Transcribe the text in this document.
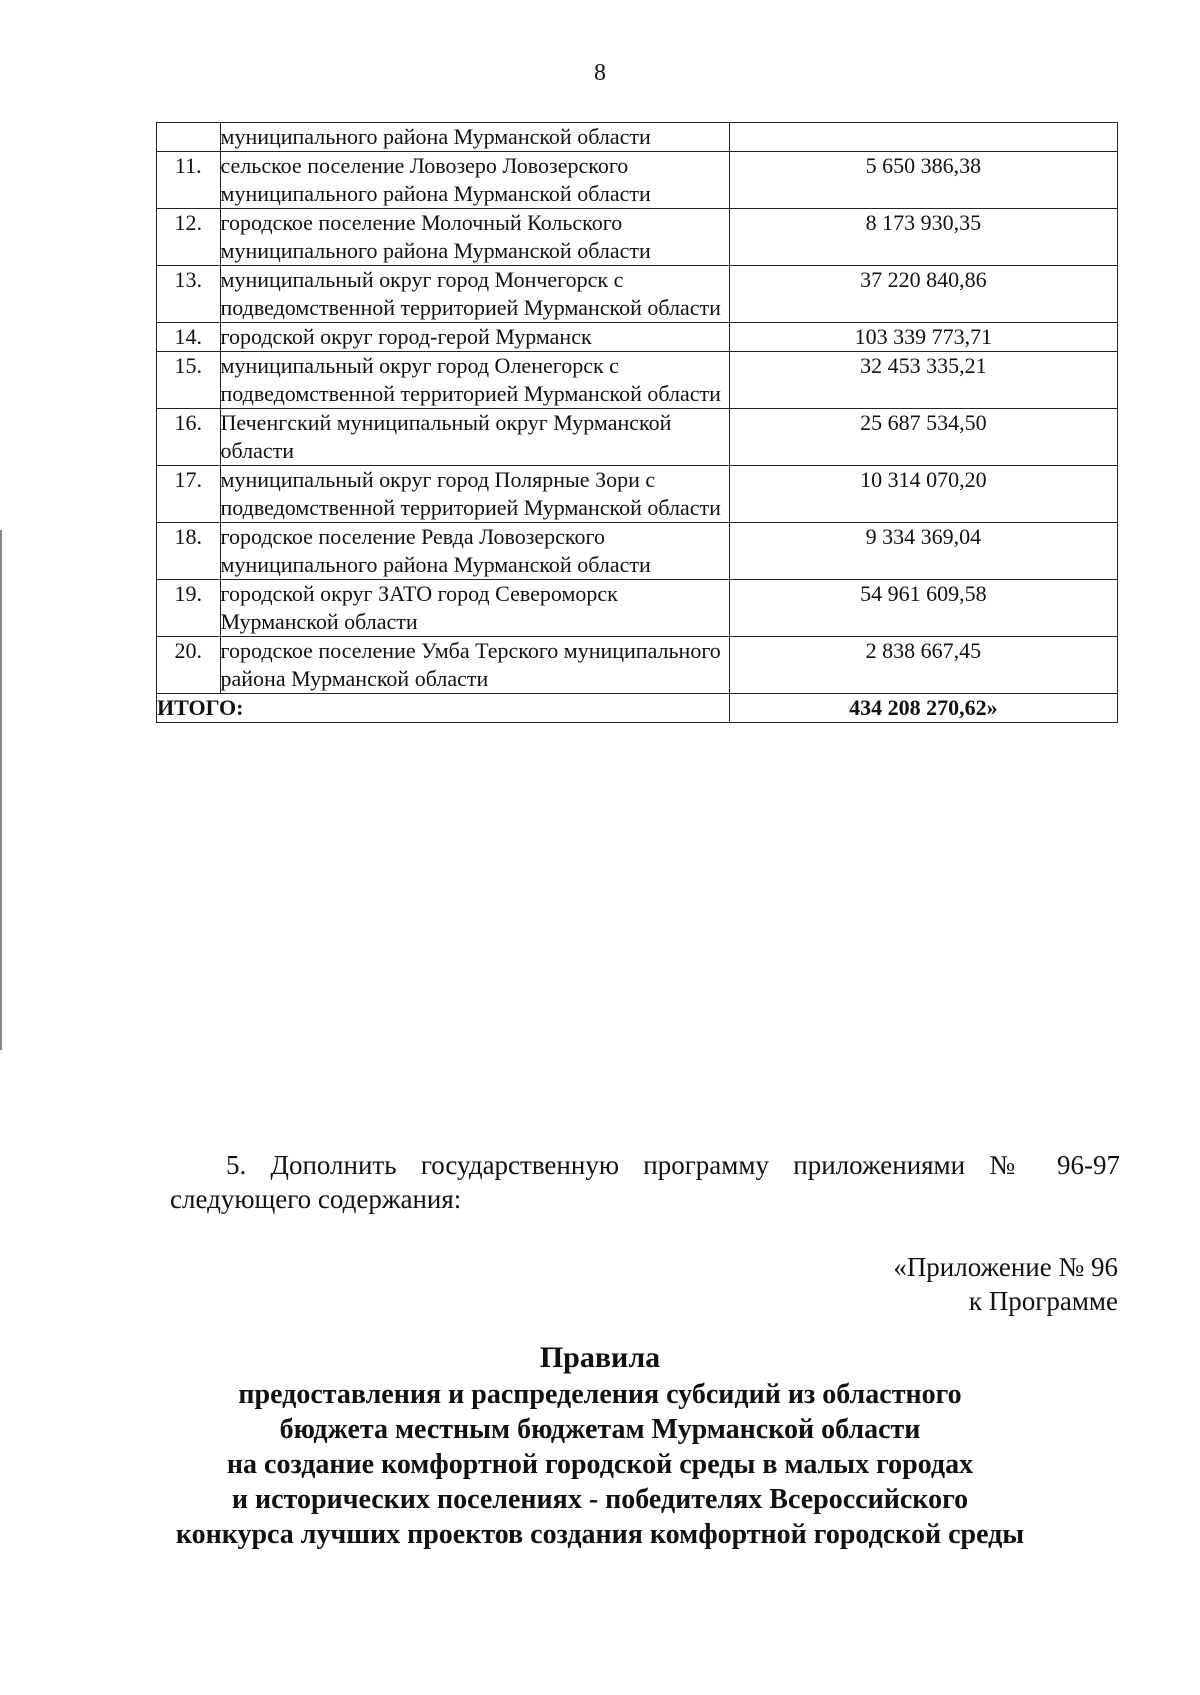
8
	муниципального района Мурманской области	
11.	сельское поселение Ловозеро Ловозерского муниципального района Мурманской области	5 650 386,38
12.	городское поселение Молочный Кольского муниципального района Мурманской области	8 173 930,35
13.	муниципальный округ город Мончегорск с подведомственной территорией Мурманской области	37 220 840,86
14.	городской округ город-герой Мурманск	103 339 773,71
15.	муниципальный округ город Оленегорск с подведомственной территорией Мурманской области	32 453 335,21
16.	Печенгский муниципальный округ Мурманской области	25 687 534,50
17.	муниципальный округ город Полярные Зори с подведомственной территорией Мурманской области	10 314 070,20
18.	городское поселение Ревда Ловозерского муниципального района Мурманской области	9 334 369,04
19.	городской округ ЗАТО город Североморск Мурманской области	54 961 609,58
20.	городское поселение Умба Терского муниципального района Мурманской области	2 838 667,45
ИТОГО:		434 208 270,62»
5. Дополнить государственную программу приложениями № 96-97
следующего содержания:
«Приложение № 96
к Программе
Правила
предоставления и распределения субсидий из областного
бюджета местным бюджетам Мурманской области
на создание комфортной городской среды в малых городах
и исторических поселениях - победителях Всероссийского
конкурса лучших проектов создания комфортной городской среды
